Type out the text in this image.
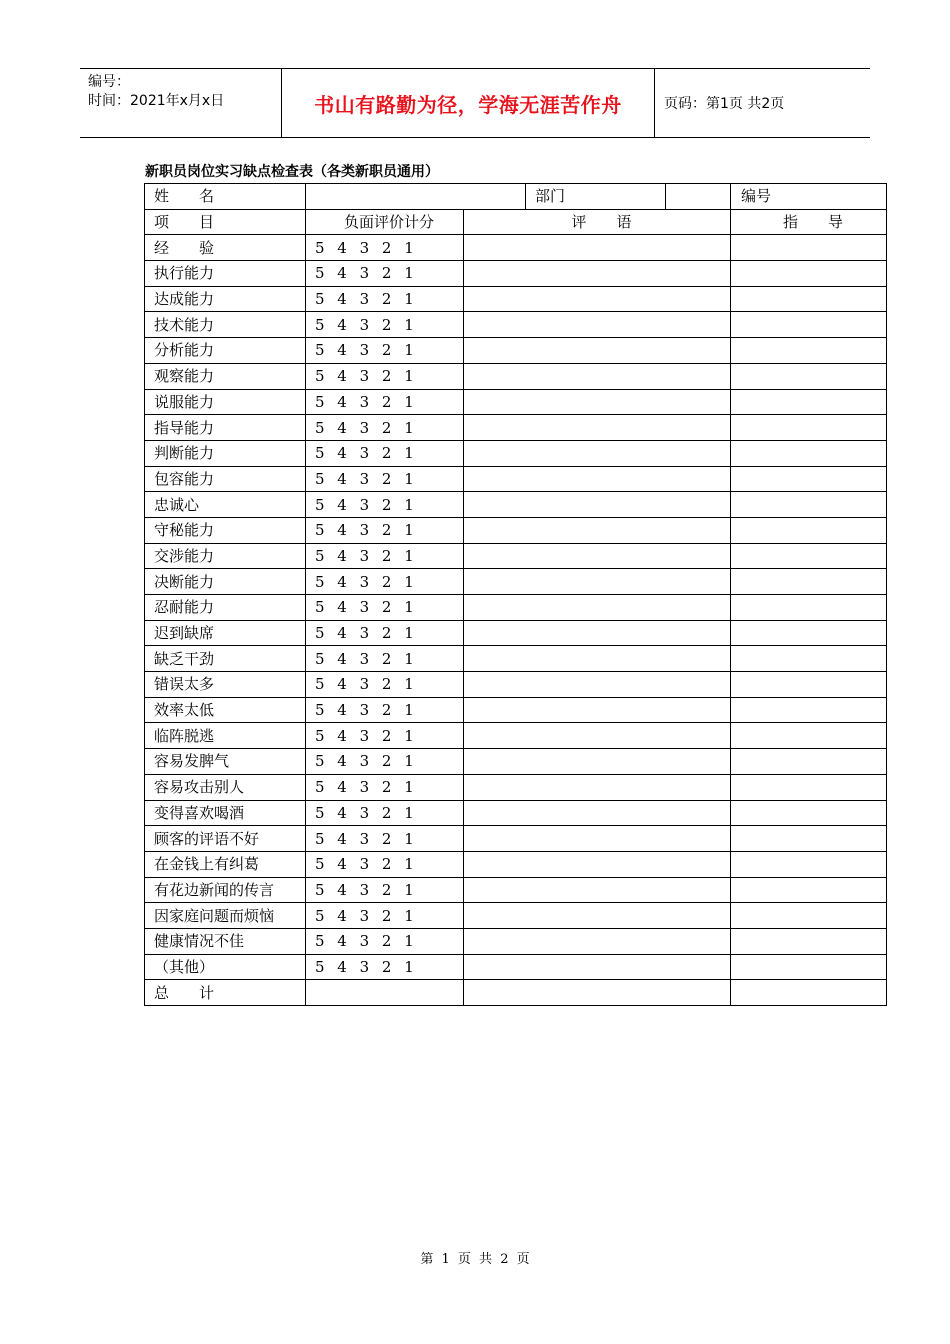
编号：
时间：2021年x月x日	书山有路勤为径，学海无涯苦作舟	页码：第1页 共2页
新职员岗位实习缺点检查表（各类新职员通用）
姓　　名			部门		编号
项　　目	负面评价计分	评　　语			指　　导
经　　验	5 4 3 2 1				
执行能力	5 4 3 2 1				
达成能力	5 4 3 2 1				
技术能力	5 4 3 2 1				
分析能力	5 4 3 2 1				
观察能力	5 4 3 2 1				
说服能力	5 4 3 2 1				
指导能力	5 4 3 2 1				
判断能力	5 4 3 2 1				
包容能力	5 4 3 2 1				
忠诚心	5 4 3 2 1				
守秘能力	5 4 3 2 1				
交涉能力	5 4 3 2 1				
决断能力	5 4 3 2 1				
忍耐能力	5 4 3 2 1				
迟到缺席	5 4 3 2 1				
缺乏干劲	5 4 3 2 1				
错误太多	5 4 3 2 1				
效率太低	5 4 3 2 1				
临阵脱逃	5 4 3 2 1				
容易发脾气	5 4 3 2 1				
容易攻击别人	5 4 3 2 1				
变得喜欢喝酒	5 4 3 2 1				
顾客的评语不好	5 4 3 2 1				
在金钱上有纠葛	5 4 3 2 1				
有花边新闻的传言	5 4 3 2 1				
因家庭问题而烦恼	5 4 3 2 1				
健康情况不佳	5 4 3 2 1				
（其他）	5 4 3 2 1				
总　　计					
第 1 页 共 2 页
